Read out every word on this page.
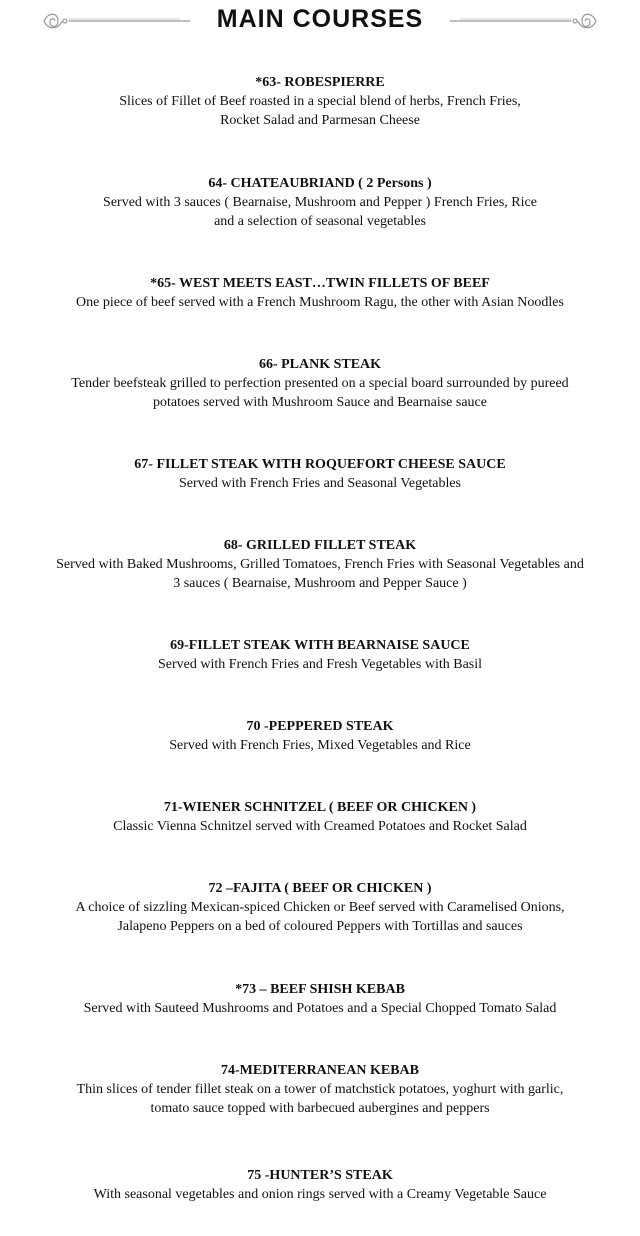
MAIN COURSES
*63- ROBESPIERRE
Slices of Fillet of Beef roasted in a special blend of herbs, French Fries,
Rocket Salad and Parmesan Cheese
64- CHATEAUBRIAND ( 2 Persons )
Served with 3 sauces ( Bearnaise, Mushroom and Pepper ) French Fries, Rice
and a selection of seasonal vegetables
*65- WEST MEETS EAST…TWIN FILLETS OF BEEF
One piece of beef served with a French Mushroom Ragu, the other with Asian Noodles
66- PLANK STEAK
Tender beefsteak grilled to perfection presented on a special board surrounded by pureed
potatoes served with Mushroom Sauce and Bearnaise sauce
67- FILLET STEAK WITH ROQUEFORT CHEESE SAUCE
Served with French Fries and Seasonal Vegetables
68- GRILLED FILLET STEAK
Served with Baked Mushrooms, Grilled Tomatoes, French Fries with Seasonal Vegetables and
3 sauces ( Bearnaise, Mushroom and Pepper Sauce )
69-FILLET STEAK WITH BEARNAISE SAUCE
Served with French Fries and Fresh Vegetables with Basil
70 -PEPPERED STEAK
Served with French Fries, Mixed Vegetables and Rice
71-WIENER SCHNITZEL ( BEEF OR CHICKEN )
Classic Vienna Schnitzel served with Creamed Potatoes and Rocket Salad
72 –FAJITA ( BEEF OR CHICKEN )
A choice of sizzling Mexican-spiced Chicken or Beef served with Caramelised Onions,
Jalapeno Peppers on a bed of coloured Peppers with Tortillas and sauces
*73 – BEEF SHISH KEBAB
Served with Sauteed Mushrooms and Potatoes and a Special Chopped Tomato Salad
74-MEDITERRANEAN KEBAB
Thin slices of tender fillet steak on a tower of matchstick potatoes, yoghurt with garlic,
tomato sauce topped with barbecued aubergines and peppers
75 -HUNTER’S STEAK
With seasonal vegetables and onion rings served with a Creamy Vegetable Sauce
